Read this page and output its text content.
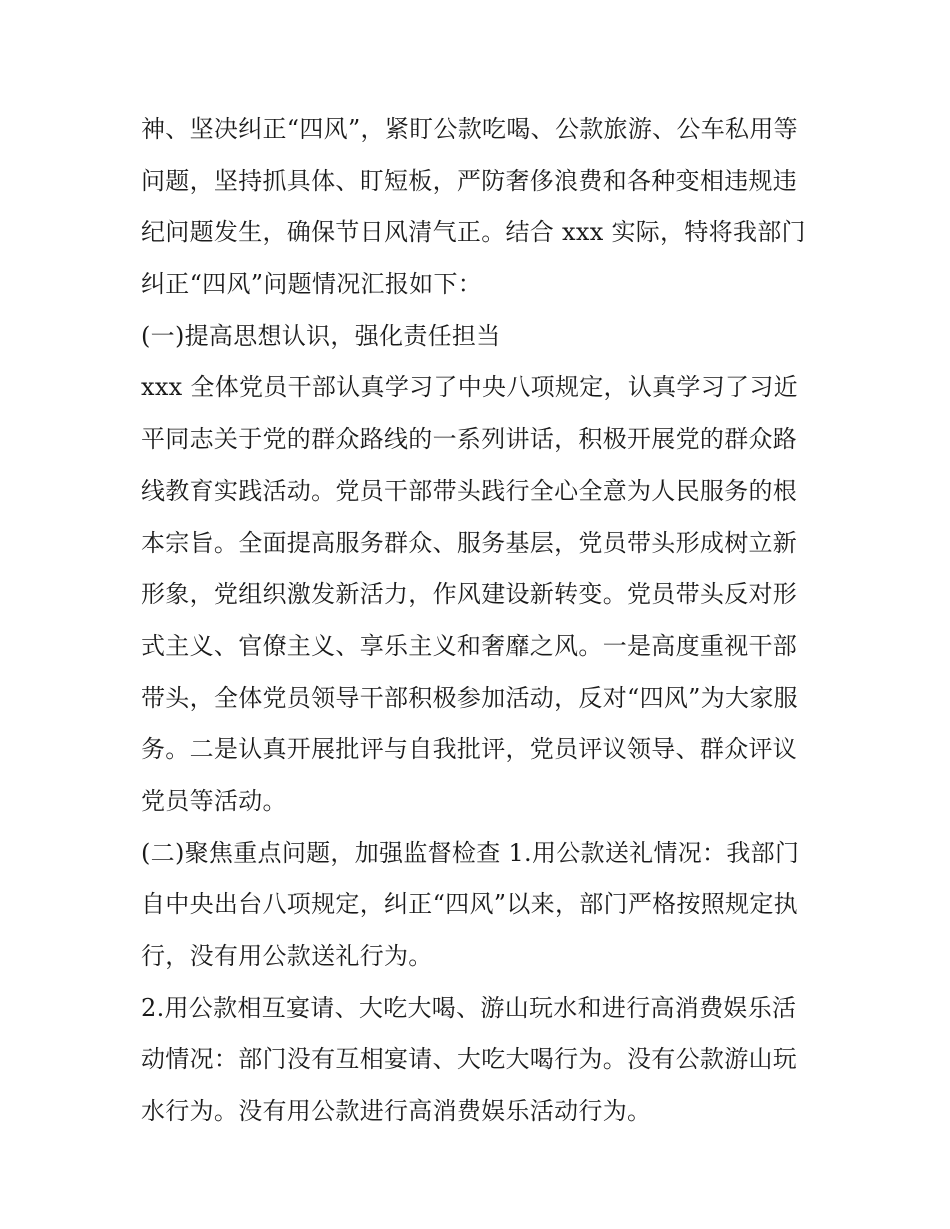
神、坚决纠正“四风”，紧盯公款吃喝、公款旅游、公车私用等
问题，坚持抓具体、盯短板，严防奢侈浪费和各种变相违规违
纪问题发生，确保节日风清气正。结合 xxx 实际，特将我部门
纠正“四风”问题情况汇报如下：
(一)提高思想认识，强化责任担当
xxx 全体党员干部认真学习了中央八项规定，认真学习了习近
平同志关于党的群众路线的一系列讲话，积极开展党的群众路
线教育实践活动。党员干部带头践行全心全意为人民服务的根
本宗旨。全面提高服务群众、服务基层，党员带头形成树立新
形象，党组织激发新活力，作风建设新转变。党员带头反对形
式主义、官僚主义、享乐主义和奢靡之风。一是高度重视干部
带头，全体党员领导干部积极参加活动，反对“四风”为大家服
务。二是认真开展批评与自我批评，党员评议领导、群众评议
党员等活动。
(二)聚焦重点问题，加强监督检查 1.用公款送礼情况：我部门
自中央出台八项规定，纠正“四风”以来，部门严格按照规定执
行，没有用公款送礼行为。
2.用公款相互宴请、大吃大喝、游山玩水和进行高消费娱乐活
动情况：部门没有互相宴请、大吃大喝行为。没有公款游山玩
水行为。没有用公款进行高消费娱乐活动行为。
